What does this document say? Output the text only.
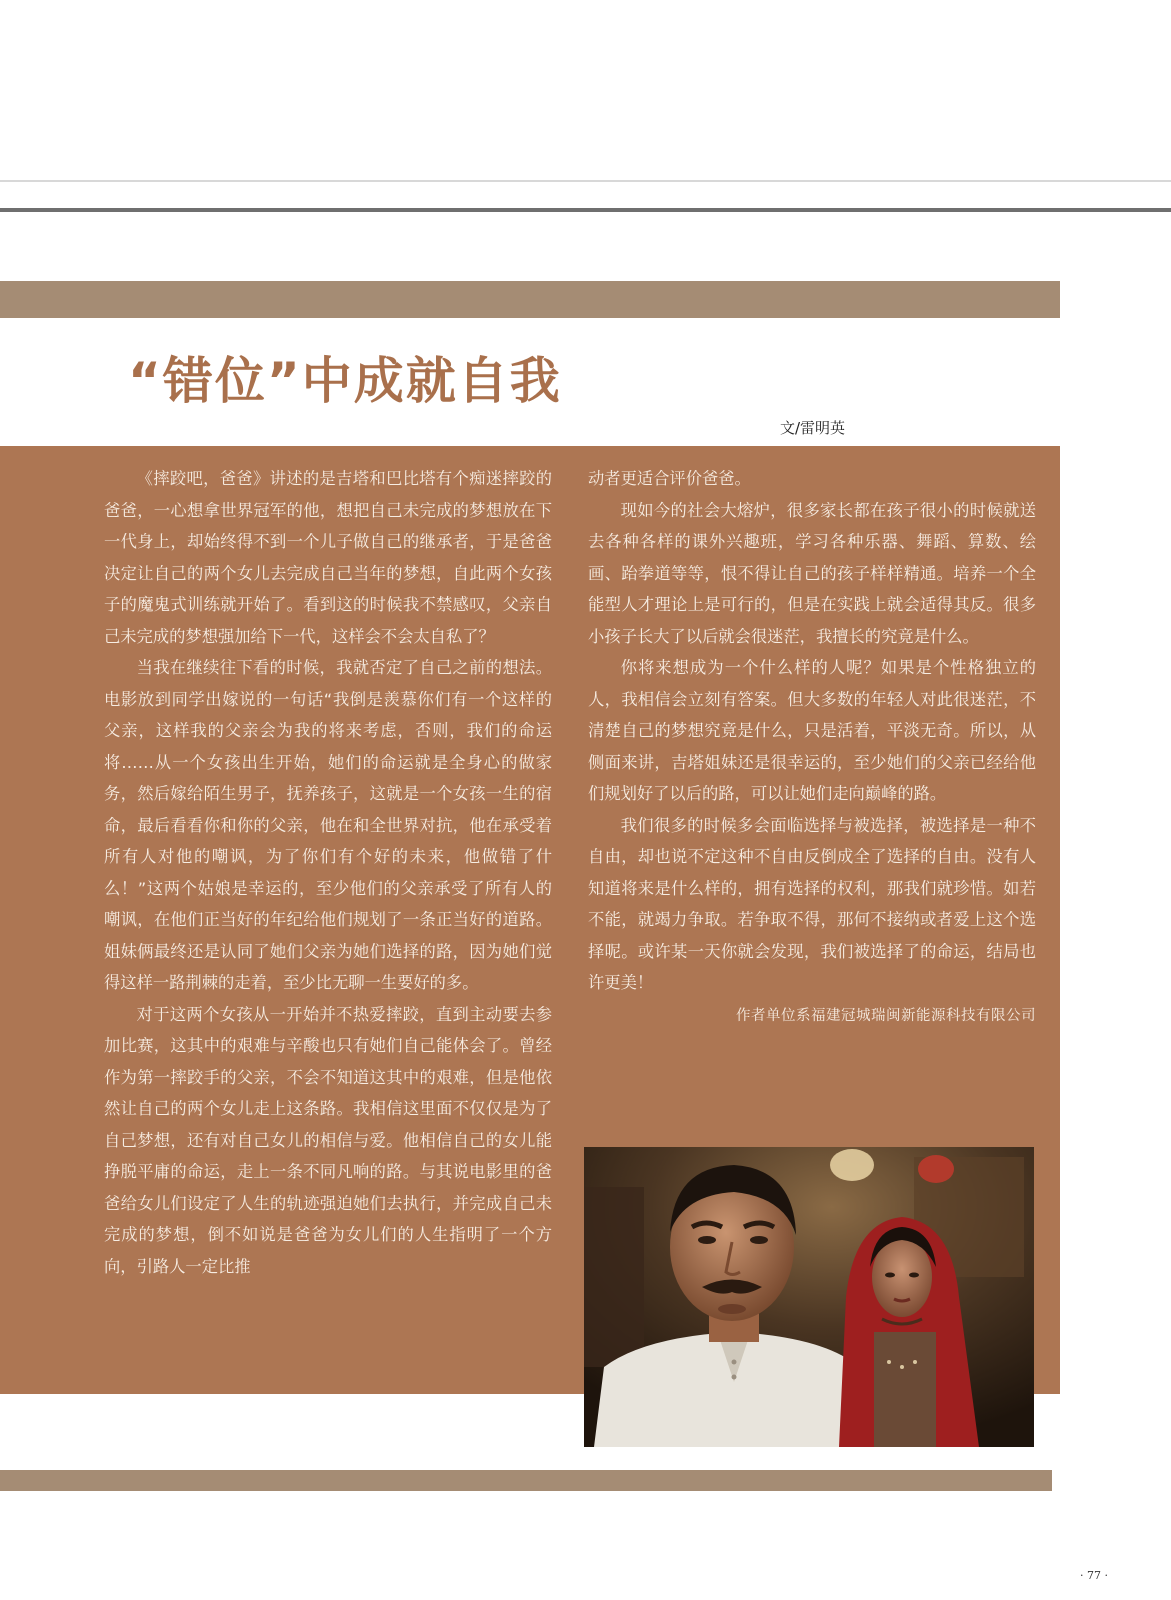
“错位”中成就自我
文/雷明英

《摔跤吧，爸爸》讲述的是吉塔和巴比塔有个痴迷摔跤的爸爸，一心想拿世界冠军的他，想把自己未完成的梦想放在下一代身上，却始终得不到一个儿子做自己的继承者，于是爸爸决定让自己的两个女儿去完成自己当年的梦想，自此两个女孩子的魔鬼式训练就开始了。看到这的时候我不禁感叹，父亲自己未完成的梦想强加给下一代，这样会不会太自私了？

当我在继续往下看的时候，我就否定了自己之前的想法。电影放到同学出嫁说的一句话“我倒是羡慕你们有一个这样的父亲，这样我的父亲会为我的将来考虑，否则，我们的命运将……从一个女孩出生开始，她们的命运就是全身心的做家务，然后嫁给陌生男子，抚养孩子，这就是一个女孩一生的宿命，最后看看你和你的父亲，他在和全世界对抗，他在承受着所有人对他的嘲讽，为了你们有个好的未来，他做错了什么！”这两个姑娘是幸运的，至少他们的父亲承受了所有人的嘲讽，在他们正当好的年纪给他们规划了一条正当好的道路。姐妹俩最终还是认同了她们父亲为她们选择的路，因为她们觉得这样一路荆棘的走着，至少比无聊一生要好的多。

对于这两个女孩从一开始并不热爱摔跤，直到主动要去参加比赛，这其中的艰难与辛酸也只有她们自己能体会了。曾经作为第一摔跤手的父亲，不会不知道这其中的艰难，但是他依然让自己的两个女儿走上这条路。我相信这里面不仅仅是为了自己梦想，还有对自己女儿的相信与爱。他相信自己的女儿能挣脱平庸的命运，走上一条不同凡响的路。与其说电影里的爸爸给女儿们设定了人生的轨迹强迫她们去执行，并完成自己未完成的梦想，倒不如说是爸爸为女儿们的人生指明了一个方向，引路人一定比推

动者更适合评价爸爸。

现如今的社会大熔炉，很多家长都在孩子很小的时候就送去各种各样的课外兴趣班，学习各种乐器、舞蹈、算数、绘画、跆拳道等等，恨不得让自己的孩子样样精通。培养一个全能型人才理论上是可行的，但是在实践上就会适得其反。很多小孩子长大了以后就会很迷茫，我擅长的究竟是什么。

你将来想成为一个什么样的人呢？如果是个性格独立的人，我相信会立刻有答案。但大多数的年轻人对此很迷茫，不清楚自己的梦想究竟是什么，只是活着，平淡无奇。所以，从侧面来讲，吉塔姐妹还是很幸运的，至少她们的父亲已经给他们规划好了以后的路，可以让她们走向巅峰的路。

我们很多的时候多会面临选择与被选择，被选择是一种不自由，却也说不定这种不自由反倒成全了选择的自由。没有人知道将来是什么样的，拥有选择的权利，那我们就珍惜。如若不能，就竭力争取。若争取不得，那何不接纳或者爱上这个选择呢。或许某一天你就会发现，我们被选择了的命运，结局也许更美！

作者单位系福建冠城瑞闽新能源科技有限公司
· 77 ·
